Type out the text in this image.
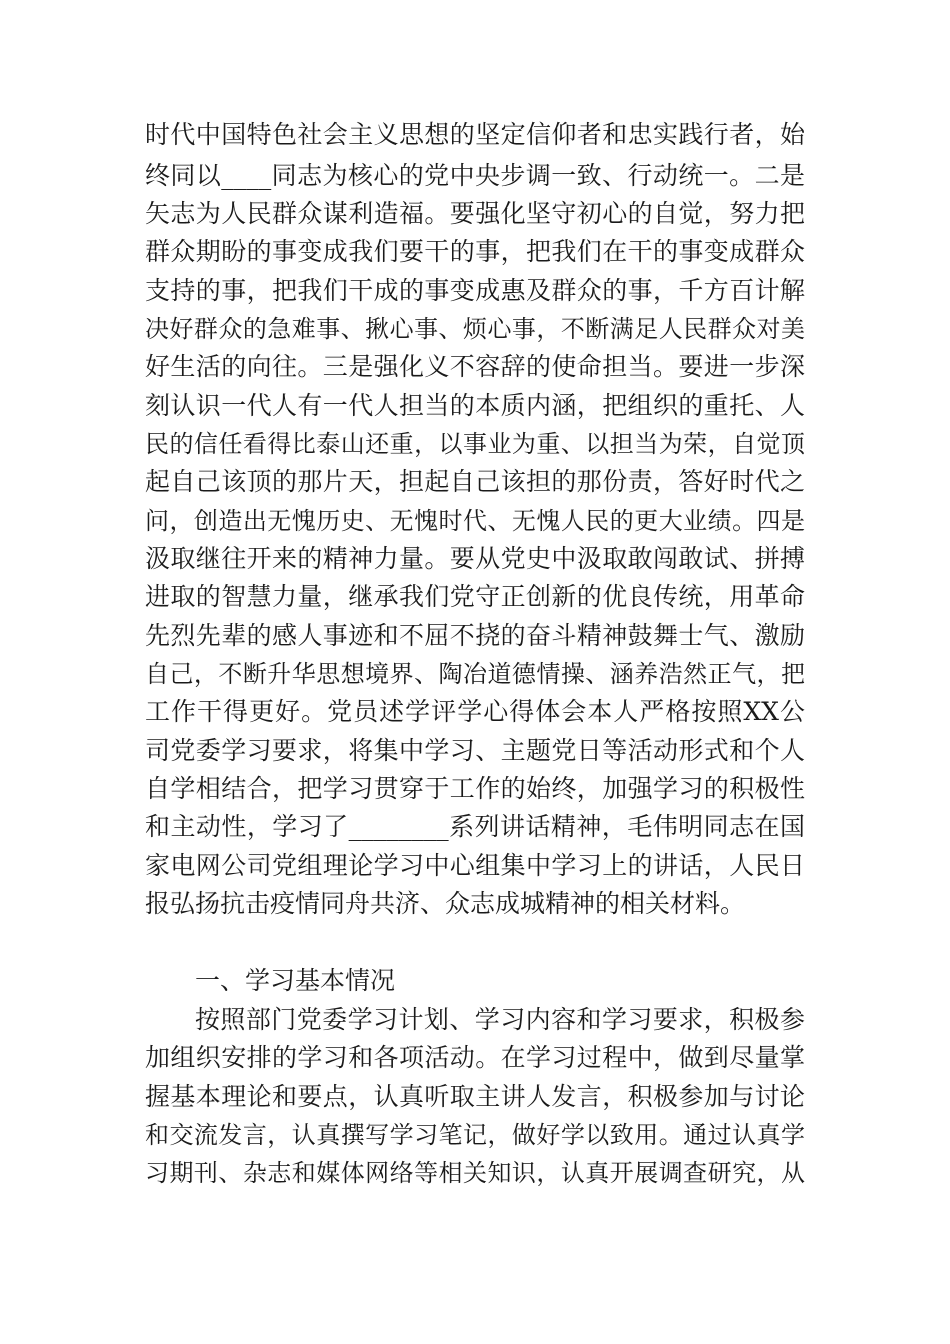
时代中国特色社会主义思想的坚定信仰者和忠实践行者，始

终同以____同志为核心的党中央步调一致、行动统一。二是

矢志为人民群众谋利造福。要强化坚守初心的自觉，努力把

群众期盼的事变成我们要干的事，把我们在干的事变成群众

支持的事，把我们干成的事变成惠及群众的事，千方百计解

决好群众的急难事、揪心事、烦心事，不断满足人民群众对美

好生活的向往。三是强化义不容辞的使命担当。要进一步深

刻认识一代人有一代人担当的本质内涵，把组织的重托、人

民的信任看得比泰山还重，以事业为重、以担当为荣，自觉顶

起自己该顶的那片天，担起自己该担的那份责，答好时代之

问，创造出无愧历史、无愧时代、无愧人民的更大业绩。四是

汲取继往开来的精神力量。要从党史中汲取敢闯敢试、拼搏

进取的智慧力量，继承我们党守正创新的优良传统，用革命

先烈先辈的感人事迹和不屈不挠的奋斗精神鼓舞士气、激励

自己，不断升华思想境界、陶冶道德情操、涵养浩然正气，把

工作干得更好。党员述学评学心得体会本人严格按照XX公

司党委学习要求，将集中学习、主题党日等活动形式和个人

自学相结合，把学习贯穿于工作的始终，加强学习的积极性

和主动性，学习了________系列讲话精神，毛伟明同志在国

家电网公司党组理论学习中心组集中学习上的讲话，人民日

报弘扬抗击疫情同舟共济、众志成城精神的相关材料。

一、学习基本情况

按照部门党委学习计划、学习内容和学习要求，积极参

加组织安排的学习和各项活动。在学习过程中，做到尽量掌

握基本理论和要点，认真听取主讲人发言，积极参加与讨论

和交流发言，认真撰写学习笔记，做好学以致用。通过认真学

习期刊、杂志和媒体网络等相关知识，认真开展调查研究，从
